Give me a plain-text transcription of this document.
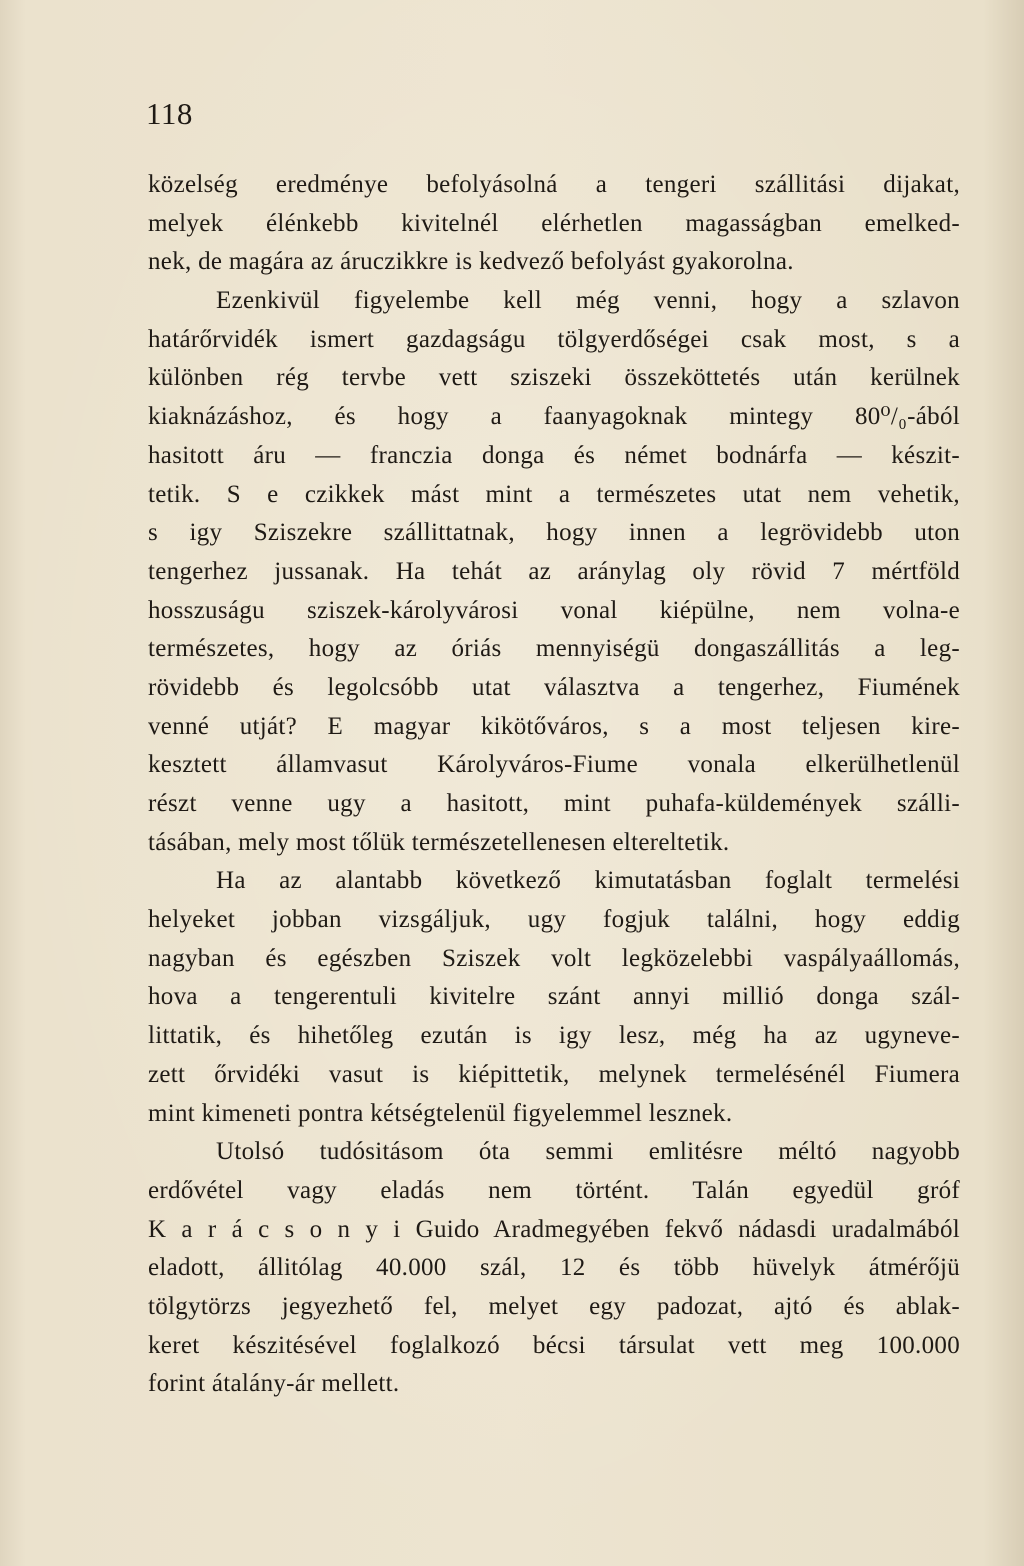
118
közelség eredménye befolyásolná a tengeri szállitási dijakat,
melyek élénkebb kivitelnél elérhetlen magasságban emelked-
nek, de magára az áruczikkre is kedvező befolyást gyakorolna.
Ezenkivül figyelembe kell még venni, hogy a szlavon
határőrvidék ismert gazdagságu tölgyerdőségei csak most, s a
különben rég tervbe vett sziszeki összeköttetés után kerülnek
kiaknázáshoz, és hogy a faanyagoknak mintegy 80⁰/₀-ából
hasitott áru — franczia donga és német bodnárfa — készit-
tetik. S e czikkek mást mint a természetes utat nem vehetik,
s igy Sziszekre szállittatnak, hogy innen a legrövidebb uton
tengerhez jussanak. Ha tehát az aránylag oly rövid 7 mértföld
hosszuságu sziszek-károlyvárosi vonal kiépülne, nem volna-e
természetes, hogy az óriás mennyiségü dongaszállitás a leg-
rövidebb és legolcsóbb utat választva a tengerhez, Fiumének
venné utját? E magyar kikötőváros, s a most teljesen kire-
kesztett államvasut Károlyváros-Fiume vonala elkerülhetlenül
részt venne ugy a hasitott, mint puhafa-küldemények szálli-
tásában, mely most tőlük természetellenesen eltereltetik.
Ha az alantabb következő kimutatásban foglalt termelési
helyeket jobban vizsgáljuk, ugy fogjuk találni, hogy eddig
nagyban és egészben Sziszek volt legközelebbi vaspályaállomás,
hova a tengerentuli kivitelre szánt annyi millió donga szál-
littatik, és hihetőleg ezután is igy lesz, még ha az ugyneve-
zett őrvidéki vasut is kiépittetik, melynek termelésénél Fiumera
mint kimeneti pontra kétségtelenül figyelemmel lesznek.
Utolsó tudósitásom óta semmi emlitésre méltó nagyobb
erdővétel vagy eladás nem történt. Talán egyedül gróf
K a r á c s o n y i Guido Aradmegyében fekvő nádasdi uradalmából
eladott, állitólag 40.000 szál, 12 és több hüvelyk átmérőjü
tölgytörzs jegyezhető fel, melyet egy padozat, ajtó és ablak-
keret készitésével foglalkozó bécsi társulat vett meg 100.000
forint átalány-ár mellett.
